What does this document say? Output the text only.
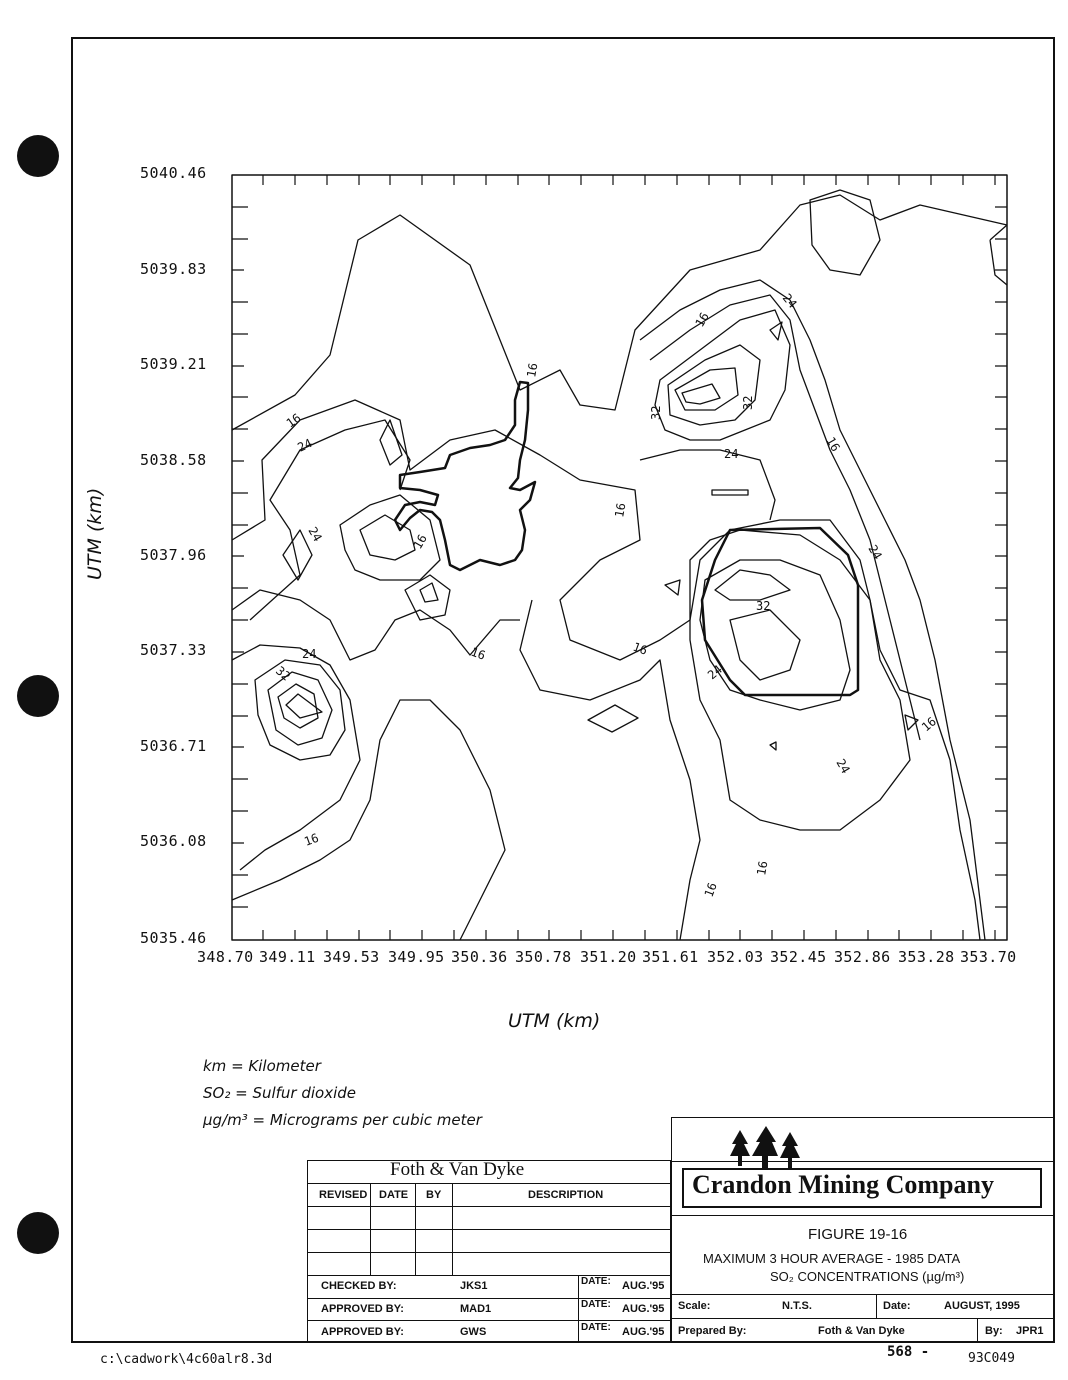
5040.46
5039.83
5039.21
5038.58
5037.96
5037.33
5036.71
5036.08
5035.46
348.70 349.11 349.53 349.95 350.36 350.78 351.20 351.61 352.03 352.45 352.86 353.28 353.70
UTM (km)
UTM (km)
16
24
24	16
16
24
32
16
16
32
24
16
16
24
32
32
16
24
16
24
16
24
16
16
km = Kilometer
SO₂ = Sulfur dioxide
µg/m³ = Micrograms per cubic meter
Foth & Van Dyke
REVISED DATE BY	DESCRIPTION
CHECKED BY:	JKS1	DATE: AUG.'95
APPROVED BY:	MAD1	DATE: AUG.'95
APPROVED BY:	GWS	DATE: AUG.'95
Crandon Mining Company
FIGURE 19-16
MAXIMUM 3 HOUR AVERAGE - 1985 DATA
SO₂ CONCENTRATIONS (µg/m³)
Scale:	N.T.S.	Date:	AUGUST, 1995
Prepared By:	Foth & Van Dyke	By: JPR1
c:\cadwork\4c60alr8.3d	568 -	93C049
